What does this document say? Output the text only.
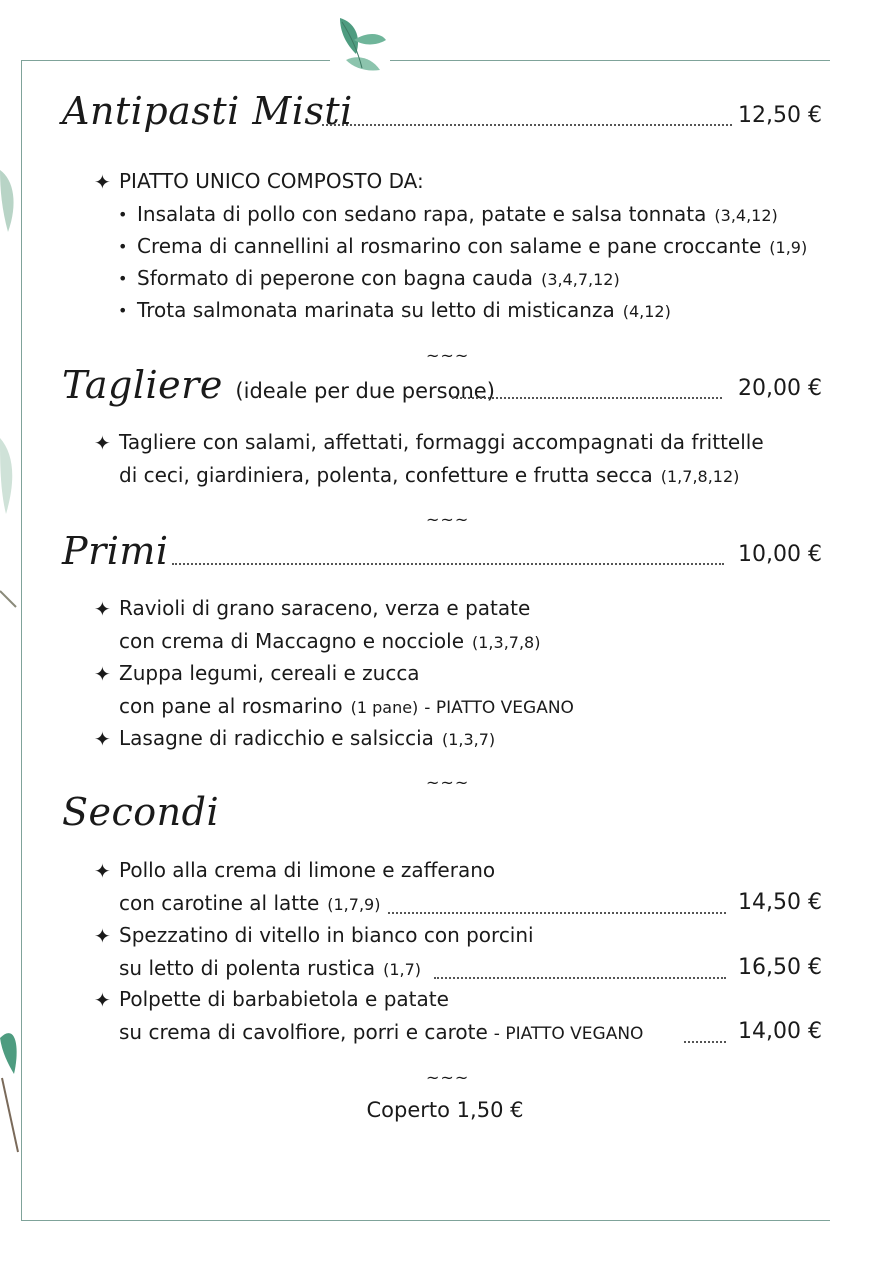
Antipasti Misti	12,50 €
✦ PIATTO UNICO COMPOSTO DA:
• Insalata di pollo con sedano rapa, patate e salsa tonnata (3,4,12)
• Crema di cannellini al rosmarino con salame e pane croccante (1,9)
• Sformato di peperone con bagna cauda (3,4,7,12)
• Trota salmonata marinata su letto di misticanza (4,12)
~~~
Tagliere (ideale per due persone)	20,00 €
✦ Tagliere con salami, affettati, formaggi accompagnati da frittelle
di ceci, giardiniera, polenta, confetture e frutta secca (1,7,8,12)
~~~
Primi	10,00 €
✦ Ravioli di grano saraceno, verza e patate
con crema di Maccagno e nocciole (1,3,7,8)
✦ Zuppa legumi, cereali e zucca
con pane al rosmarino (1 pane) - PIATTO VEGANO
✦ Lasagne di radicchio e salsiccia (1,3,7)
~~~
Secondi
✦ Pollo alla crema di limone e zafferano
con carotine al latte (1,7,9)	14,50 €
✦ Spezzatino di vitello in bianco con porcini
su letto di polenta rustica (1,7)	16,50 €
✦ Polpette di barbabietola e patate
su crema di cavolfiore, porri e carote - PIATTO VEGANO	14,00 €
~~~
Coperto 1,50 €
